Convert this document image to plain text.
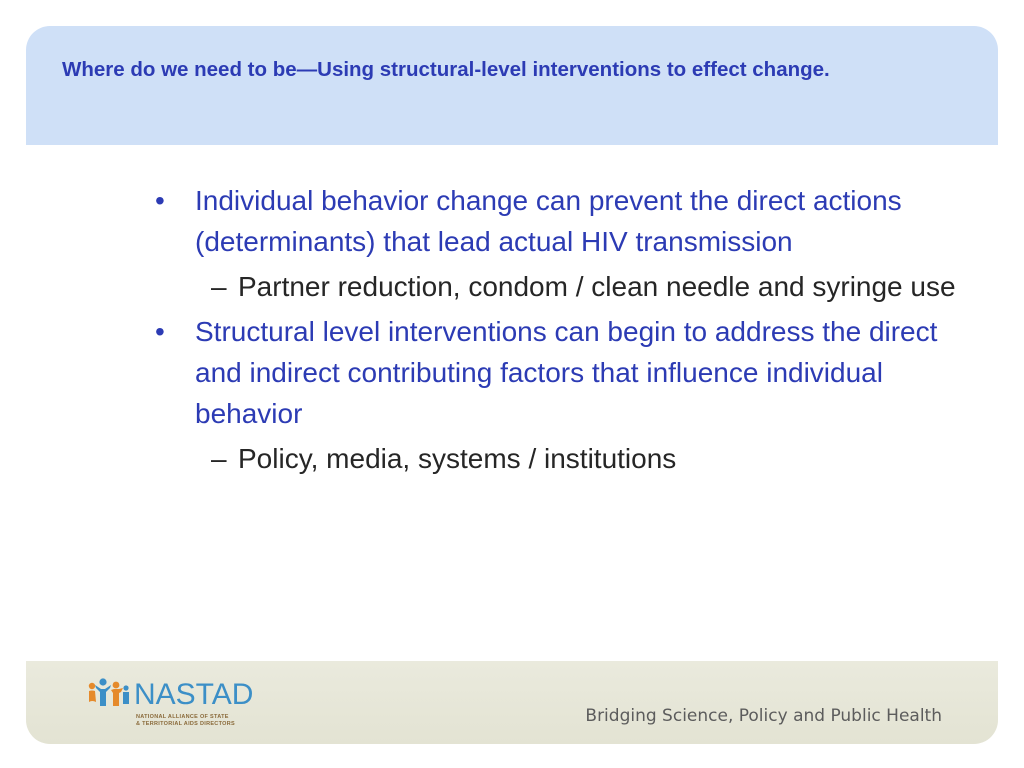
Where do we need to be—Using structural-level interventions to effect change.
• Individual behavior change can prevent the direct actions (determinants) that lead actual HIV transmission
– Partner reduction, condom / clean needle and syringe use
• Structural level interventions can begin to address the direct and indirect contributing factors that influence individual behavior
– Policy, media, systems / institutions
NASTAD
NATIONAL ALLIANCE OF STATE
& TERRITORIAL AIDS DIRECTORS	Bridging Science, Policy and Public Health
